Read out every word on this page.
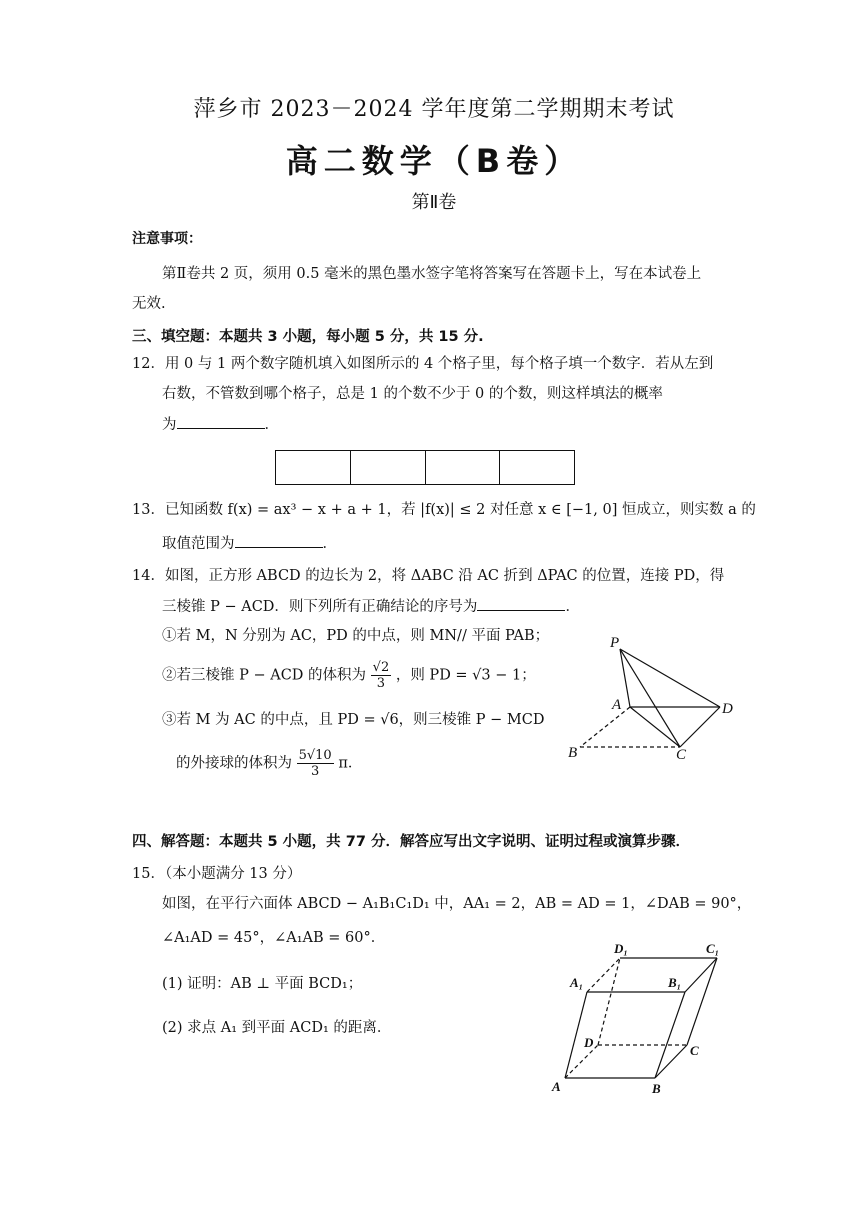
萍乡市 2023－2024 学年度第二学期期末考试
高二数学（B卷）
第Ⅱ卷
注意事项：
第Ⅱ卷共 2 页，须用 0.5 毫米的黑色墨水签字笔将答案写在答题卡上，写在本试卷上
无效.
三、填空题：本题共 3 小题，每小题 5 分，共 15 分.
12．用 0 与 1 两个数字随机填入如图所示的 4 个格子里，每个格子填一个数字．若从左到
右数，不管数到哪个格子，总是 1 的个数不少于 0 的个数，则这样填法的概率
为	．
13．已知函数 f(x) = ax³ − x + a + 1，若 |f(x)| ≤ 2 对任意 x ∈ [−1, 0] 恒成立，则实数 a 的
取值范围为	．
14．如图，正方形 ABCD 的边长为 2，将 ΔABC 沿 AC 折到 ΔPAC 的位置，连接 PD，得
三棱锥 P − ACD．则下列所有正确结论的序号为	．
①若 M，N 分别为 AC，PD 的中点，则 MN// 平面 PAB；
②若三棱锥 P − ACD 的体积为 $\frac{√2}{3}$ ，则 PD = √3 − 1；
③若 M 为 AC 的中点，且 PD = √6，则三棱锥 P − MCD
的外接球的体积为 $\frac{5√10}{3}$ π．
P
A	D
B	C
四、解答题：本题共 5 小题，共 77 分．解答应写出文字说明、证明过程或演算步骤．
15．（本小题满分 13 分）
如图，在平行六面体 ABCD − A₁B₁C₁D₁ 中，AA₁ = 2，AB = AD = 1，∠DAB = 90°，
∠A₁AD = 45°，∠A₁AB = 60°．
(1) 证明：AB ⊥ 平面 BCD₁；
(2) 求点 A₁ 到平面 ACD₁ 的距离．
D₁	C₁
A₁	B₁
D
C
A	B
